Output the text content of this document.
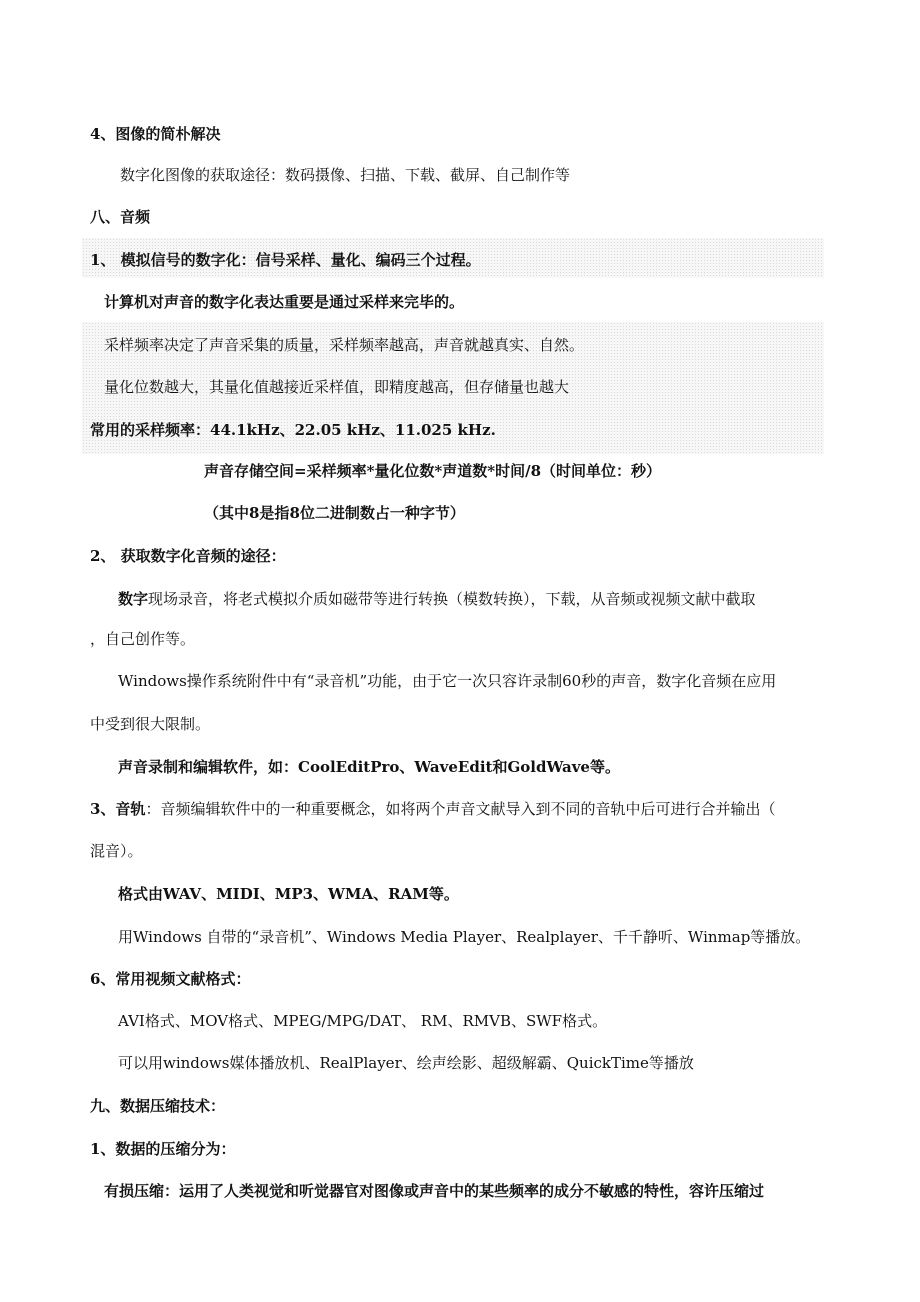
4、图像的简朴解决
数字化图像的获取途径：数码摄像、扫描、下载、截屏、自己制作等
八、音频
1、 模拟信号的数字化：信号采样、量化、编码三个过程。
计算机对声音的数字化表达重要是通过采样来完毕的。
采样频率决定了声音采集的质量，采样频率越高，声音就越真实、自然。
量化位数越大，其量化值越接近采样值，即精度越高，但存储量也越大
常用的采样频率：44.1kHz、22.05 kHz、11.025 kHz.
声音存储空间=采样频率*量化位数*声道数*时间/8（时间单位：秒）
（其中8是指8位二进制数占一种字节）
2、 获取数字化音频的途径：
数字现场录音，将老式模拟介质如磁带等进行转换（模数转换），下载，从音频或视频文献中截取
，自己创作等。
Windows操作系统附件中有“录音机”功能，由于它一次只容许录制60秒的声音，数字化音频在应用
中受到很大限制。
声音录制和编辑软件，如：CoolEditPro、WaveEdit和GoldWave等。
3、音轨：音频编辑软件中的一种重要概念，如将两个声音文献导入到不同的音轨中后可进行合并输出（
混音）。
格式由WAV、MIDI、MP3、WMA、RAM等。
用Windows 自带的“录音机”、Windows Media Player、Realplayer、千千静听、Winmap等播放。
6、常用视频文献格式：
AVI格式、MOV格式、MPEG/MPG/DAT、 RM、RMVB、SWF格式。
可以用windows媒体播放机、RealPlayer、绘声绘影、超级解霸、QuickTime等播放
九、数据压缩技术：
1、数据的压缩分为：
有损压缩：运用了人类视觉和听觉器官对图像或声音中的某些频率的成分不敏感的特性，容许压缩过
